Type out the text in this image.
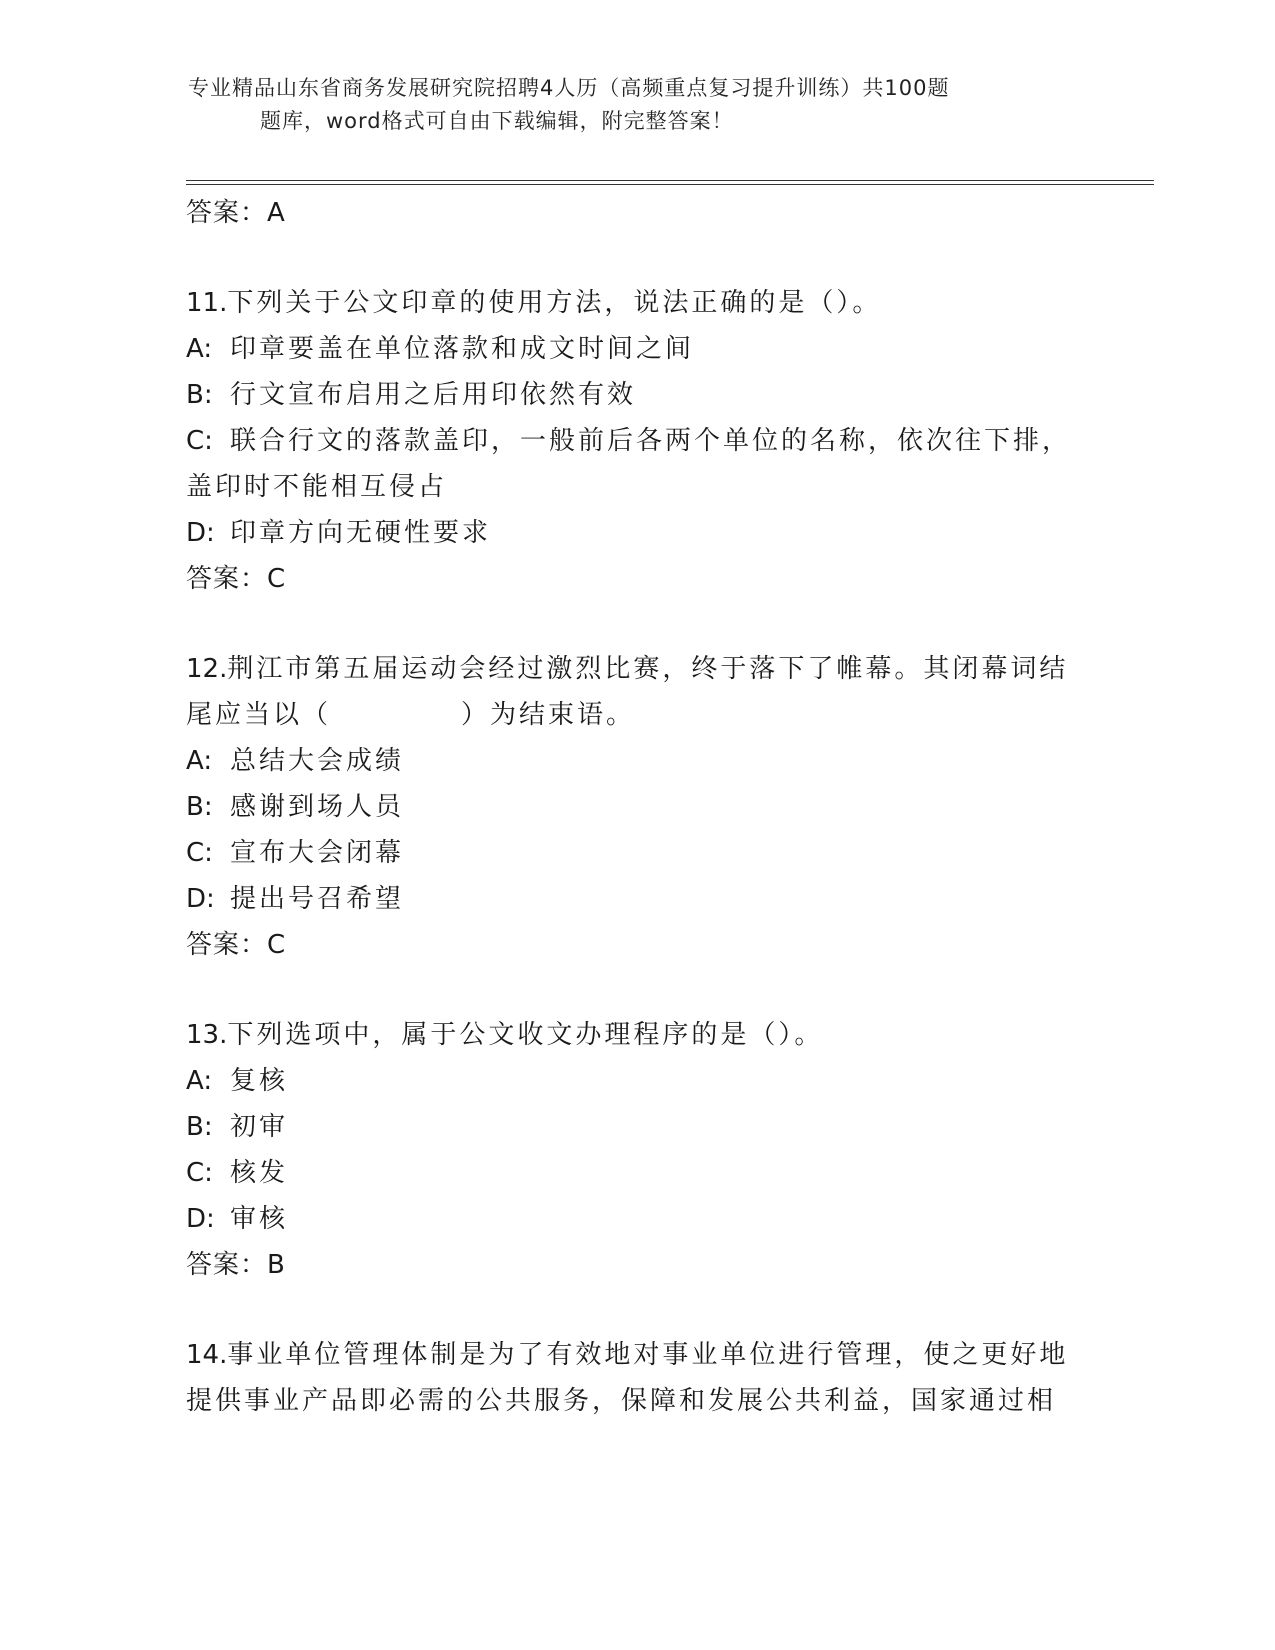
专业精品山东省商务发展研究院招聘4人历（高频重点复习提升训练）共100题
题库，word格式可自由下载编辑，附完整答案！
答案：A
11.下列关于公文印章的使用方法，说法正确的是（）。
A: 印章要盖在单位落款和成文时间之间
B: 行文宣布启用之后用印依然有效
C: 联合行文的落款盖印，一般前后各两个单位的名称，依次往下排，
盖印时不能相互侵占
D: 印章方向无硬性要求
答案：C
12.荆江市第五届运动会经过激烈比赛，终于落下了帷幕。其闭幕词结
尾应当以（	）为结束语。
A: 总结大会成绩
B: 感谢到场人员
C: 宣布大会闭幕
D: 提出号召希望
答案：C
13.下列选项中，属于公文收文办理程序的是（）。
A: 复核
B: 初审
C: 核发
D: 审核
答案：B
14.事业单位管理体制是为了有效地对事业单位进行管理，使之更好地
提供事业产品即必需的公共服务，保障和发展公共利益，国家通过相
